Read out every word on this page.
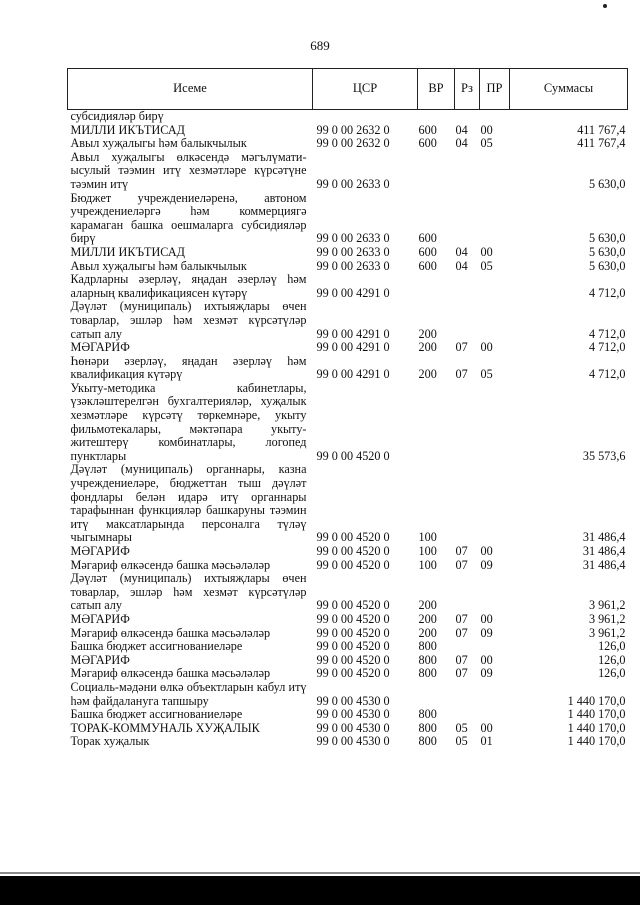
689
Исеме	ЦСР	ВР	Рз	ПР	Суммасы
субсидияләр бирү					
МИЛЛИ ИКЪТИСАД	99 0 00 2632 0	600	04	00	411 767,4
Авыл хуҗалыгы һәм балыкчылык	99 0 00 2632 0	600	04	05	411 767,4
Авыл хуҗалыгы өлкәсендә мәгълүмати-ысулый тәэмин итү хезмәтләре күрсәтүне тәэмин итү	99 0 00 2633 0				5 630,0
Бюджет учреждениеләренә, автоном учреждениеләргә һәм коммерциягә карамаган башка оешмаларга субсидияләр бирү	99 0 00 2633 0	600			5 630,0
МИЛЛИ ИКЪТИСАД	99 0 00 2633 0	600	04	00	5 630,0
Авыл хуҗалыгы һәм балыкчылык	99 0 00 2633 0	600	04	05	5 630,0
Кадрларны әзерләү, яңадан әзерләү һәм аларның квалификациясен күтәрү	99 0 00 4291 0				4 712,0
Дәүләт (муниципаль) ихтыяҗлары өчен товарлар, эшләр һәм хезмәт күрсәтүләр сатып алу	99 0 00 4291 0	200			4 712,0
МӘГАРИФ	99 0 00 4291 0	200	07	00	4 712,0
Һөнәри әзерләү, яңадан әзерләү һәм квалификация күтәрү	99 0 00 4291 0	200	07	05	4 712,0
Укыту-методика кабинетлары, үзәкләштерелгән бухгалтерияләр, хуҗалык хезмәтләре күрсәтү төркемнәре, укыту фильмотекалары, мәктәпара укыту-житештерү комбинатлары, логопед пунктлары	99 0 00 4520 0				35 573,6
Дәүләт (муниципаль) органнары, казна учреждениеләре, бюджеттан тыш дәүләт фондлары белән идарә итү органнары тарафыннан функцияләр башкаруны тәэмин итү максатларында персоналга түләү чыгымнары	99 0 00 4520 0	100			31 486,4
МӘГАРИФ	99 0 00 4520 0	100	07	00	31 486,4
Мәгариф өлкәсендә башка мәсьәләләр	99 0 00 4520 0	100	07	09	31 486,4
Дәүләт (муниципаль) ихтыяҗлары өчен товарлар, эшләр һәм хезмәт күрсәтүләр сатып алу	99 0 00 4520 0	200			3 961,2
МӘГАРИФ	99 0 00 4520 0	200	07	00	3 961,2
Мәгариф өлкәсендә башка мәсьәләләр	99 0 00 4520 0	200	07	09	3 961,2
Башка бюджет ассигнованиеләре	99 0 00 4520 0	800			126,0
МӘГАРИФ	99 0 00 4520 0	800	07	00	126,0
Мәгариф өлкәсендә башка мәсьәләләр	99 0 00 4520 0	800	07	09	126,0
Социаль-мәдәни өлкә объектларын кабул итү һәм файдалануга тапшыру	99 0 00 4530 0				1 440 170,0
Башка бюджет ассигнованиеләре	99 0 00 4530 0	800			1 440 170,0
ТОРАК-КОММУНАЛЬ ХУҖАЛЫК	99 0 00 4530 0	800	05	00	1 440 170,0
Торак хуҗалык	99 0 00 4530 0	800	05	01	1 440 170,0
